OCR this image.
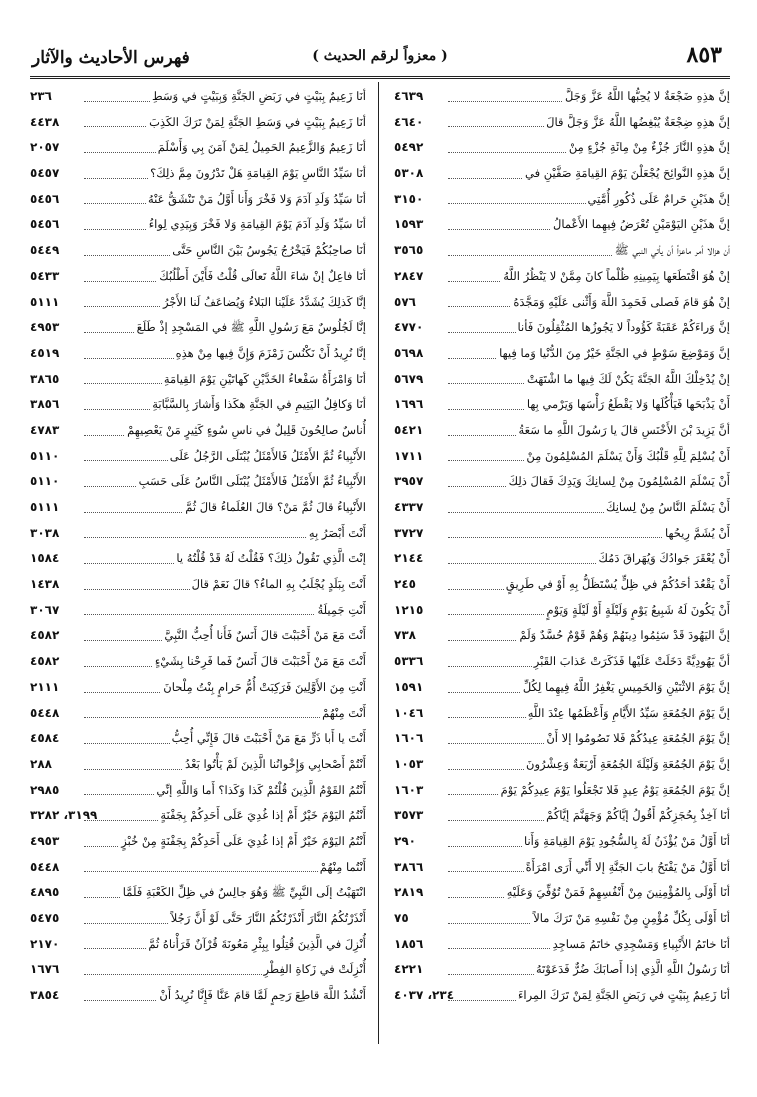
٨٥٣
( معزواً لرقم الحديث )
فهرس الأحاديث والآثار
إنَّ هذِهِ ضَجْعَةٌ لا يُحِبُّها اللَّهُ عَزَّ وَجَلَّ
٤٦٣٩
إنَّ هذِهِ ضِجْعَةٌ يُبْغِضُها اللَّهُ عَزَّ وَجَلَّ قالَ
٤٦٤٠
إنَّ هذِهِ النَّارَ جُزْءٌ مِنْ مِائَةِ جُزْءٍ مِنْ
٥٤٩٢
إنَّ هذِهِ النَّوائِحَ يُجْعَلْنَ يَوْمَ القِيامَةِ صَفَّيْنِ في
٥٣٠٨
إنَّ هذَيْنِ حَرامٌ عَلَى ذُكُورِ أُمَّتِي
٣١٥٠
إنَّ هذَيْنِ اليَوْمَيْنِ تُعْرَضُ فِيهِما الأَعْمالُ
١٥٩٣
أن هزالا أمر ماعزاً أن يأتي النبي ﷺ
٣٥٦٥
إنْ هُوَ اقْتَطَعَها بِيَمِينِهِ ظُلْماً كانَ مِمَّنْ لا يَنْظُرُ اللَّهُ
٢٨٤٧
إنْ هُوَ قامَ فَصلى فَحَمِدَ اللَّهَ وَأَثْنى عَلَيْهِ وَمَجَّدَهُ
٥٧٦
إنَّ وَراءَكُمْ عَقَبَةً كَؤُوداً لا يَجُوزُها المُثْقِلُونَ فَأنا
٤٧٧٠
إنَّ وَمَوْضِعَ سَوْطٍ في الجَنَّةِ خَيْرٌ مِنَ الدُّنْيا وَما فِيها
٥٦٩٨
إنْ يُدْخِلْكَ اللَّهُ الجَنَّةَ يَكُنْ لَكَ فِيها ما اشْتَهَتْ
٥٦٧٩
أَنْ يَذْبَحَها فَيَأْكُلَها وَلا يَقْطَعُ رَأْسَها وَيَرْمي بِها
١٦٩٦
أنَّ يَزِيدَ بْنَ الأَخْنَسِ قالَ يا رَسُولَ اللَّهِ ما سَعَةُ
٥٤٢١
أَنْ يُسْلِمَ لِلَّهِ قَلْبُكَ وَأَنْ يَسْلَمَ المُسْلِمُونَ مِنْ
١٧١١
أَنْ يَسْلَمَ المُسْلِمُونَ مِنْ لِسانِكَ وَيَدِكَ فَقالَ ذلِكَ
٣٩٥٧
أَنْ يَسْلَمَ النَّاسُ مِنْ لِسانِكَ
٤٣٣٧
أَنْ يُشَمَّ رِيحُها
٣٧٢٧
أَنْ يُعْقَرَ جَوادُكَ وَيُهَراقَ دَمُكَ
٢١٤٤
أَنْ يَقْعُدَ أحَدُكُمْ في ظِلٍّ يُسْتَظَلُّ بِهِ أَوْ في طَرِيقٍ
٢٤٥
أَنْ يَكُونَ لَهُ شَبِيعُ يَوْمٍ وَلَيْلَةٍ أَوْ لَيْلَةٍ وَيَوْمٍ
١٢١٥
إنَّ اليَهُودَ قَدْ سَئِمُوا دِينَهُمْ وَهُمْ قَوْمٌ حُسَّدٌ وَلَمْ
٧٣٨
أنَّ يَهُودِيَّةً دَخَلَتْ عَلَيْها فَذَكَرَتْ عَذابَ القَبْرِ
٥٣٣٦
إنَّ يَوْمَ الاثْنَيْنِ وَالخَمِيسِ يَغْفِرُ اللَّهُ فِيهِما لِكُلِّ
١٥٩١
إنَّ يَوْمَ الجُمُعَةِ سَيِّدُ الأَيَّامِ وَأَعْظَمُها عِنْدَ اللَّهِ
١٠٤٦
إنَّ يَوْمَ الجُمُعَةِ عِيدُكُمْ فَلا تَصُومُوا إلا أَنْ
١٦٠٦
إنَّ يَوْمَ الجُمُعَةِ وَلَيْلَةَ الجُمُعَةِ أَرْبَعَةٌ وَعِشْرُونَ
١٠٥٣
إنَّ يَوْمَ الجُمُعَةِ يَوْمُ عِيدٍ فَلا تَجْعَلُوا يَوْمَ عِيدِكُمْ يَوْمَ
١٦٠٣
أنَا آخِذٌ بِحُجَزِكُمْ أَقُولُ إيَّاكُمْ وَجَهَنَّمَ إيَّاكُمْ
٣٥٧٣
أنَا أَوَّلُ مَنْ يُؤْذَنُ لَهُ بِالسُّجُودِ يَوْمَ القِيامَةِ وَأَنا
٢٩٠
أنَا أَوَّلُ مَنْ يَفْتَحُ بابَ الجَنَّةِ إلا أَنِّي أَرَى امْرَأَةً
٣٨٦٦
أنَا أَوْلَى بِالمُؤْمِنِينَ مِنْ أَنْفُسِهِمْ فَمَنْ تُوُفِّيَ وَعَلَيْهِ
٢٨١٩
أنَا أَوْلَى بِكُلِّ مُؤْمِنٍ مِنْ نَفْسِهِ مَنْ تَرَكَ مالاً
٧٥
أنَا خاتَمُ الأَنْبِياءِ وَمَسْجِدِي خاتَمُ مَساجِدِ
١٨٥٦
أنَا رَسُولُ اللَّهِ الَّذِي إذا أَصابَكَ ضُرٌّ فَدَعَوْتَهُ
٤٢٢١
أنَا زَعِيمٌ بِبَيْتٍ في رَبَضِ الجَنَّةِ لِمَنْ تَرَكَ المِراءَ
٢٣٤، ٤٠٣٧
أنَا زَعِيمٌ بِبَيْتٍ في رَبَضِ الجَنَّةِ وَبِبَيْتٍ في وَسَطِ
٢٣٦
أنَا زَعِيمٌ بِبَيْتٍ في وَسَطِ الجَنَّةِ لِمَنْ تَرَكَ الكَذِبَ
٤٤٣٨
أنَا زَعِيمٌ وَالزَّعِيمُ الحَمِيلُ لِمَنْ آمَنَ بِي وَأَسْلَمَ
٢٠٥٧
أنَا سَيِّدُ النَّاسِ يَوْمَ القِيامَةِ هَلْ تَدْرُونَ مِمَّ ذلِكَ؟
٥٤٥٧
أنَا سَيِّدُ وَلَدِ آدَمَ وَلا فَخْرَ وَأَنا أَوَّلُ مَنْ تَنْشَقُّ عَنْهُ
٥٤٥٦
أنَا سَيِّدُ وَلَدِ آدَمَ يَوْمَ القِيامَةِ وَلا فَخْرَ وَبِيَدِي لِواءُ
٥٤٥٦
أنَا صاحِبُكُمْ فَيَخْرُجُ يَجُوسُ بَيْنَ النَّاسِ حَتَّى
٥٤٤٩
أنَا فاعِلٌ إنْ شاءَ اللَّهُ تَعالَى قُلْتُ فَأَيْنَ أَطْلُبُكَ
٥٤٣٣
إنَّا كَذلِكَ يُشَدَّدُ عَلَيْنا البَلاءُ وَيُضاعَفُ لَنا الأَجْرُ
٥١١١
إنَّا لَجُلُوسٌ مَعَ رَسُولِ اللَّهِ ﷺ في المَسْجِدِ إذْ طَلَعَ
٤٩٥٣
إنَّا نُرِيدُ أَنْ نَكْنُسَ زَمْزَمَ وَإِنَّ فِيها مِنْ هذِهِ
٤٥١٩
أنَا وَامْرَأَةٌ سَفْعاءُ الخَدَّيْنِ كَهاتَيْنِ يَوْمَ القِيامَةِ
٣٨٦٥
أنَا وَكافِلُ اليَتِيمِ في الجَنَّةِ هكَذا وَأَشارَ بِالسَّبَّابَةِ
٣٨٥٦
أُناسٌ صالِحُونَ قَلِيلٌ في ناسِ سُوءٍ كَثِيرٍ مَنْ يَعْصِيهِمْ
٤٧٨٣
الأَنْبِياءُ ثُمَّ الأَمْثَلُ فَالأَمْثَلُ يُبْتَلَى الرَّجُلُ عَلَى
٥١١٠
الأَنْبِياءُ ثُمَّ الأَمْثَلُ فَالأَمْثَلُ يُبْتَلَى النَّاسُ عَلَى حَسَبِ
٥١١٠
الأَنْبِياءُ قالَ ثُمَّ مَنْ؟ قالَ العُلَماءُ قالَ ثُمَّ
٥١١١
أَنْتَ أَبْصَرُ بِهِ
٣٠٣٨
إنْتَ الَّذِي تَقُولُ ذلِكَ؟ فَقُلْتُ لَهُ قَدْ قُلْتُهُ يا
١٥٨٤
أَنْتَ بِبَلَدٍ يُجْلَبُ بِهِ الماءُ؟ قالَ نَعَمْ قالَ
١٤٣٨
أَنْتِ جَمِيلَةُ
٣٠٦٧
أَنْتَ مَعَ مَنْ أَحْبَبْتَ قالَ أَنَسٌ فَأَنا أُحِبُّ النَّبِيَّ
٤٥٨٢
أَنْتَ مَعَ مَنْ أَحْبَبْتَ قالَ أَنَسٌ فَما فَرِحْنا بِشَيْءٍ
٤٥٨٢
أَنْتِ مِنَ الأَوَّلِينَ فَرَكِبَتْ أُمُّ حَرامٍ بِنْتُ مِلْحانَ
٢١١١
أَنْتَ مِنْهُمْ
٥٤٤٨
أَنْتَ يا أَبا ذَرٍّ مَعَ مَنْ أَحْبَبْتَ قالَ فَإِنِّي أُحِبُّ
٤٥٨٤
أَنْتُمْ أَصْحابِي وَإِخْوانُنا الَّذِينَ لَمْ يَأْتُوا بَعْدُ
٢٨٨
أَنْتُمُ القَوْمُ الَّذِينَ قُلْتُمْ كَذا وَكَذا؟ أَما وَاللَّهِ إنِّي
٢٩٨٥
أَنْتُمُ اليَوْمَ خَيْرٌ أَمْ إذا غُدِيَ عَلَى أَحَدِكُمْ بِجَفْنَةٍ
٣١٩٩، ٣٢٨٢
أَنْتُمُ اليَوْمَ خَيْرٌ أَمْ إذا غُدِيَ عَلَى أَحَدِكُمْ بِجَفْنَةٍ مِنْ خُبْزٍ
٤٩٥٣
أَنْتُما مِنْهُمْ
٥٤٤٨
انْتَهَيْتُ إلَى النَّبِيِّ ﷺ وَهُوَ جالِسٌ في ظِلِّ الكَعْبَةِ فَلَمَّا
٤٨٩٥
أَنْذَرْتُكُمُ النَّارَ أَنْذَرْتُكُمُ النَّارَ حَتَّى لَوْ أَنَّ رَجُلاً
٥٤٧٥
أُنْزِلَ في الَّذِينَ قُتِلُوا بِبِئْرِ مَعُونَةَ قُرْآنٌ قَرَأْناهُ ثُمَّ
٢١٧٠
أُنْزِلَتْ في زَكاةِ الفِطْرِ
١٦٧٦
أَنْشُدُ اللَّهَ قاطِعَ رَحِمٍ لَمَّا قامَ عَنَّا فَإِنَّا نُرِيدُ أَنْ
٣٨٥٤
